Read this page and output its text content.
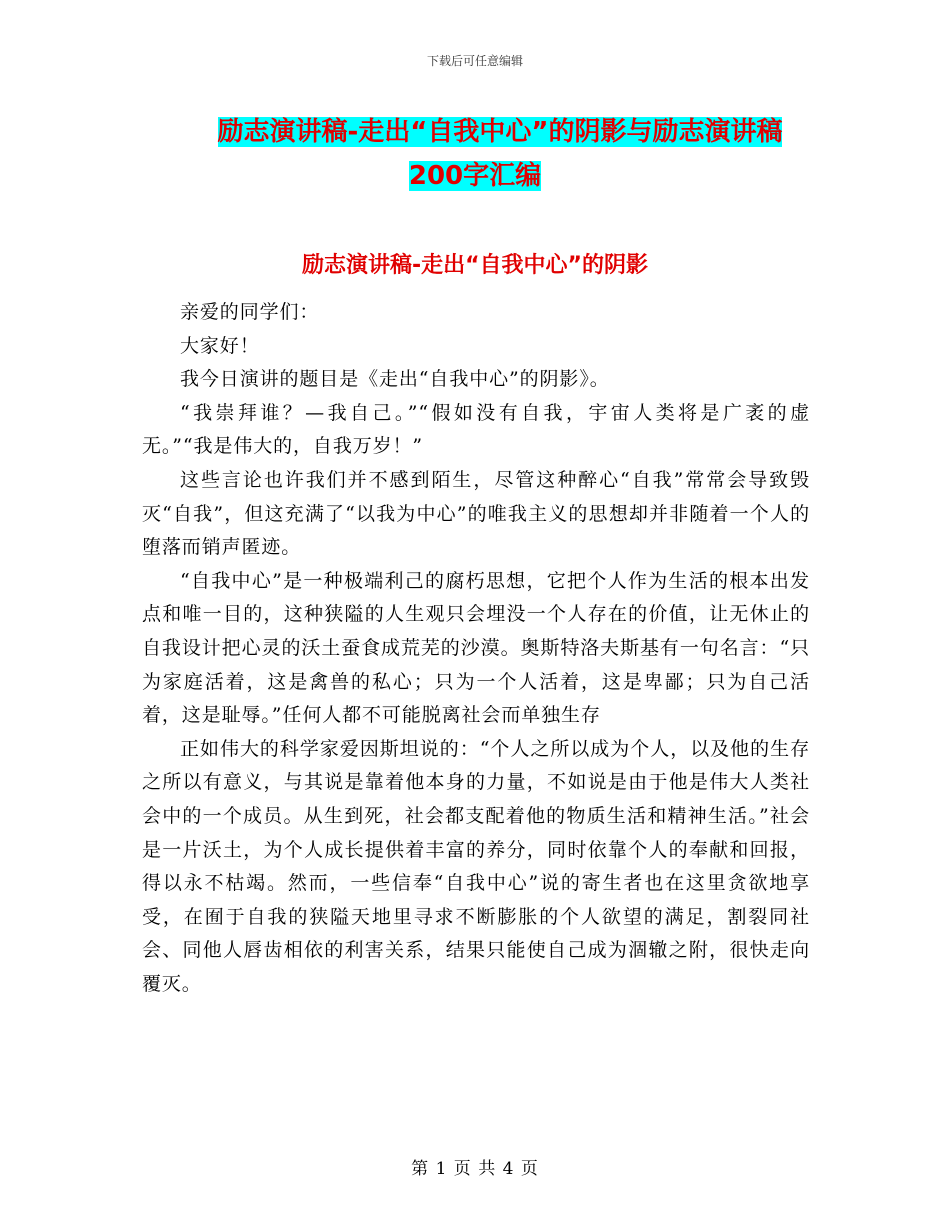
下载后可任意编辑
励志演讲稿-走出“自我中心”的阴影与励志演讲稿
200字汇编
励志演讲稿-走出“自我中心”的阴影

亲爱的同学们：

大家好！

我今日演讲的题目是《走出“自我中心”的阴影》。

“我崇拜谁？—我自己。”“假如没有自我，宇宙人类将是广袤的虚无。”“我是伟大的，自我万岁！”

这些言论也许我们并不感到陌生，尽管这种醉心“自我”常常会导致毁灭“自我”，但这充满了“以我为中心”的唯我主义的思想却并非随着一个人的堕落而销声匿迹。

“自我中心”是一种极端利己的腐朽思想，它把个人作为生活的根本出发点和唯一目的，这种狭隘的人生观只会埋没一个人存在的价值，让无休止的自我设计把心灵的沃土蚕食成荒芜的沙漠。奥斯特洛夫斯基有一句名言：“只为家庭活着，这是禽兽的私心；只为一个人活着，这是卑鄙；只为自己活着，这是耻辱。”任何人都不可能脱离社会而单独生存

正如伟大的科学家爱因斯坦说的：“个人之所以成为个人，以及他的生存之所以有意义，与其说是靠着他本身的力量，不如说是由于他是伟大人类社会中的一个成员。从生到死，社会都支配着他的物质生活和精神生活。”社会是一片沃土，为个人成长提供着丰富的养分，同时依靠个人的奉献和回报，得以永不枯竭。然而，一些信奉“自我中心”说的寄生者也在这里贪欲地享受，在囿于自我的狭隘天地里寻求不断膨胀的个人欲望的满足，割裂同社会、同他人唇齿相依的利害关系，结果只能使自己成为涸辙之附，很快走向覆灭。

第 1 页 共 4 页
